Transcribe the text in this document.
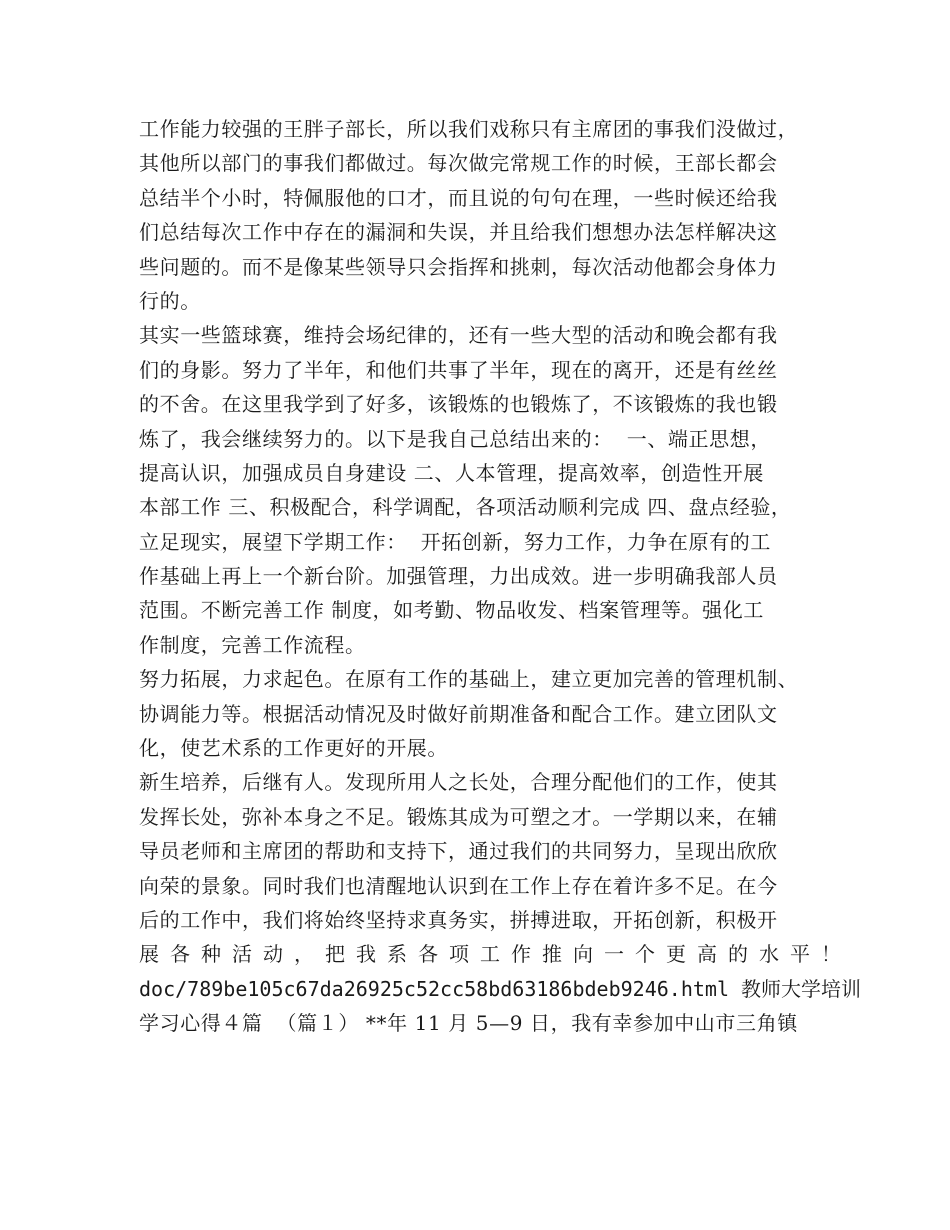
工作能力较强的王胖子部长，所以我们戏称只有主席团的事我们没做过，
其他所以部门的事我们都做过。每次做完常规工作的时候，王部长都会
总结半个小时，特佩服他的口才，而且说的句句在理，一些时候还给我
们总结每次工作中存在的漏洞和失误，并且给我们想想办法怎样解决这
些问题的。而不是像某些领导只会指挥和挑刺，每次活动他都会身体力
行的。
其实一些篮球赛，维持会场纪律的，还有一些大型的活动和晚会都有我
们的身影。努力了半年，和他们共事了半年，现在的离开，还是有丝丝
的不舍。在这里我学到了好多，该锻炼的也锻炼了，不该锻炼的我也锻
炼了，我会继续努力的。以下是我自己总结出来的：  一、端正思想，
提高认识，加强成员自身建设 二、人本管理，提高效率，创造性开展
本部工作 三、积极配合，科学调配，各项活动顺利完成 四、盘点经验，
立足现实，展望下学期工作：  开拓创新，努力工作，力争在原有的工
作基础上再上一个新台阶。加强管理，力出成效。进一步明确我部人员
范围。不断完善工作 制度，如考勤、物品收发、档案管理等。强化工
作制度，完善工作流程。
努力拓展，力求起色。在原有工作的基础上，建立更加完善的管理机制、
协调能力等。根据活动情况及时做好前期准备和配合工作。建立团队文
化，使艺术系的工作更好的开展。
新生培养，后继有人。发现所用人之长处，合理分配他们的工作，使其
发挥长处，弥补本身之不足。锻炼其成为可塑之才。一学期以来，在辅
导员老师和主席团的帮助和支持下，通过我们的共同努力，呈现出欣欣
向荣的景象。同时我们也清醒地认识到在工作上存在着许多不足。在今
后的工作中，我们将始终坚持求真务实，拼搏进取，开拓创新，积极开
展各种活动，把我系各项工作推向一个更高的水平！
doc/789be105c67da26925c52cc58bd63186bdeb9246.html 教师大学培训
学习心得４篇  （篇１） **年 11 月 5—9 日，我有幸参加中山市三角镇
